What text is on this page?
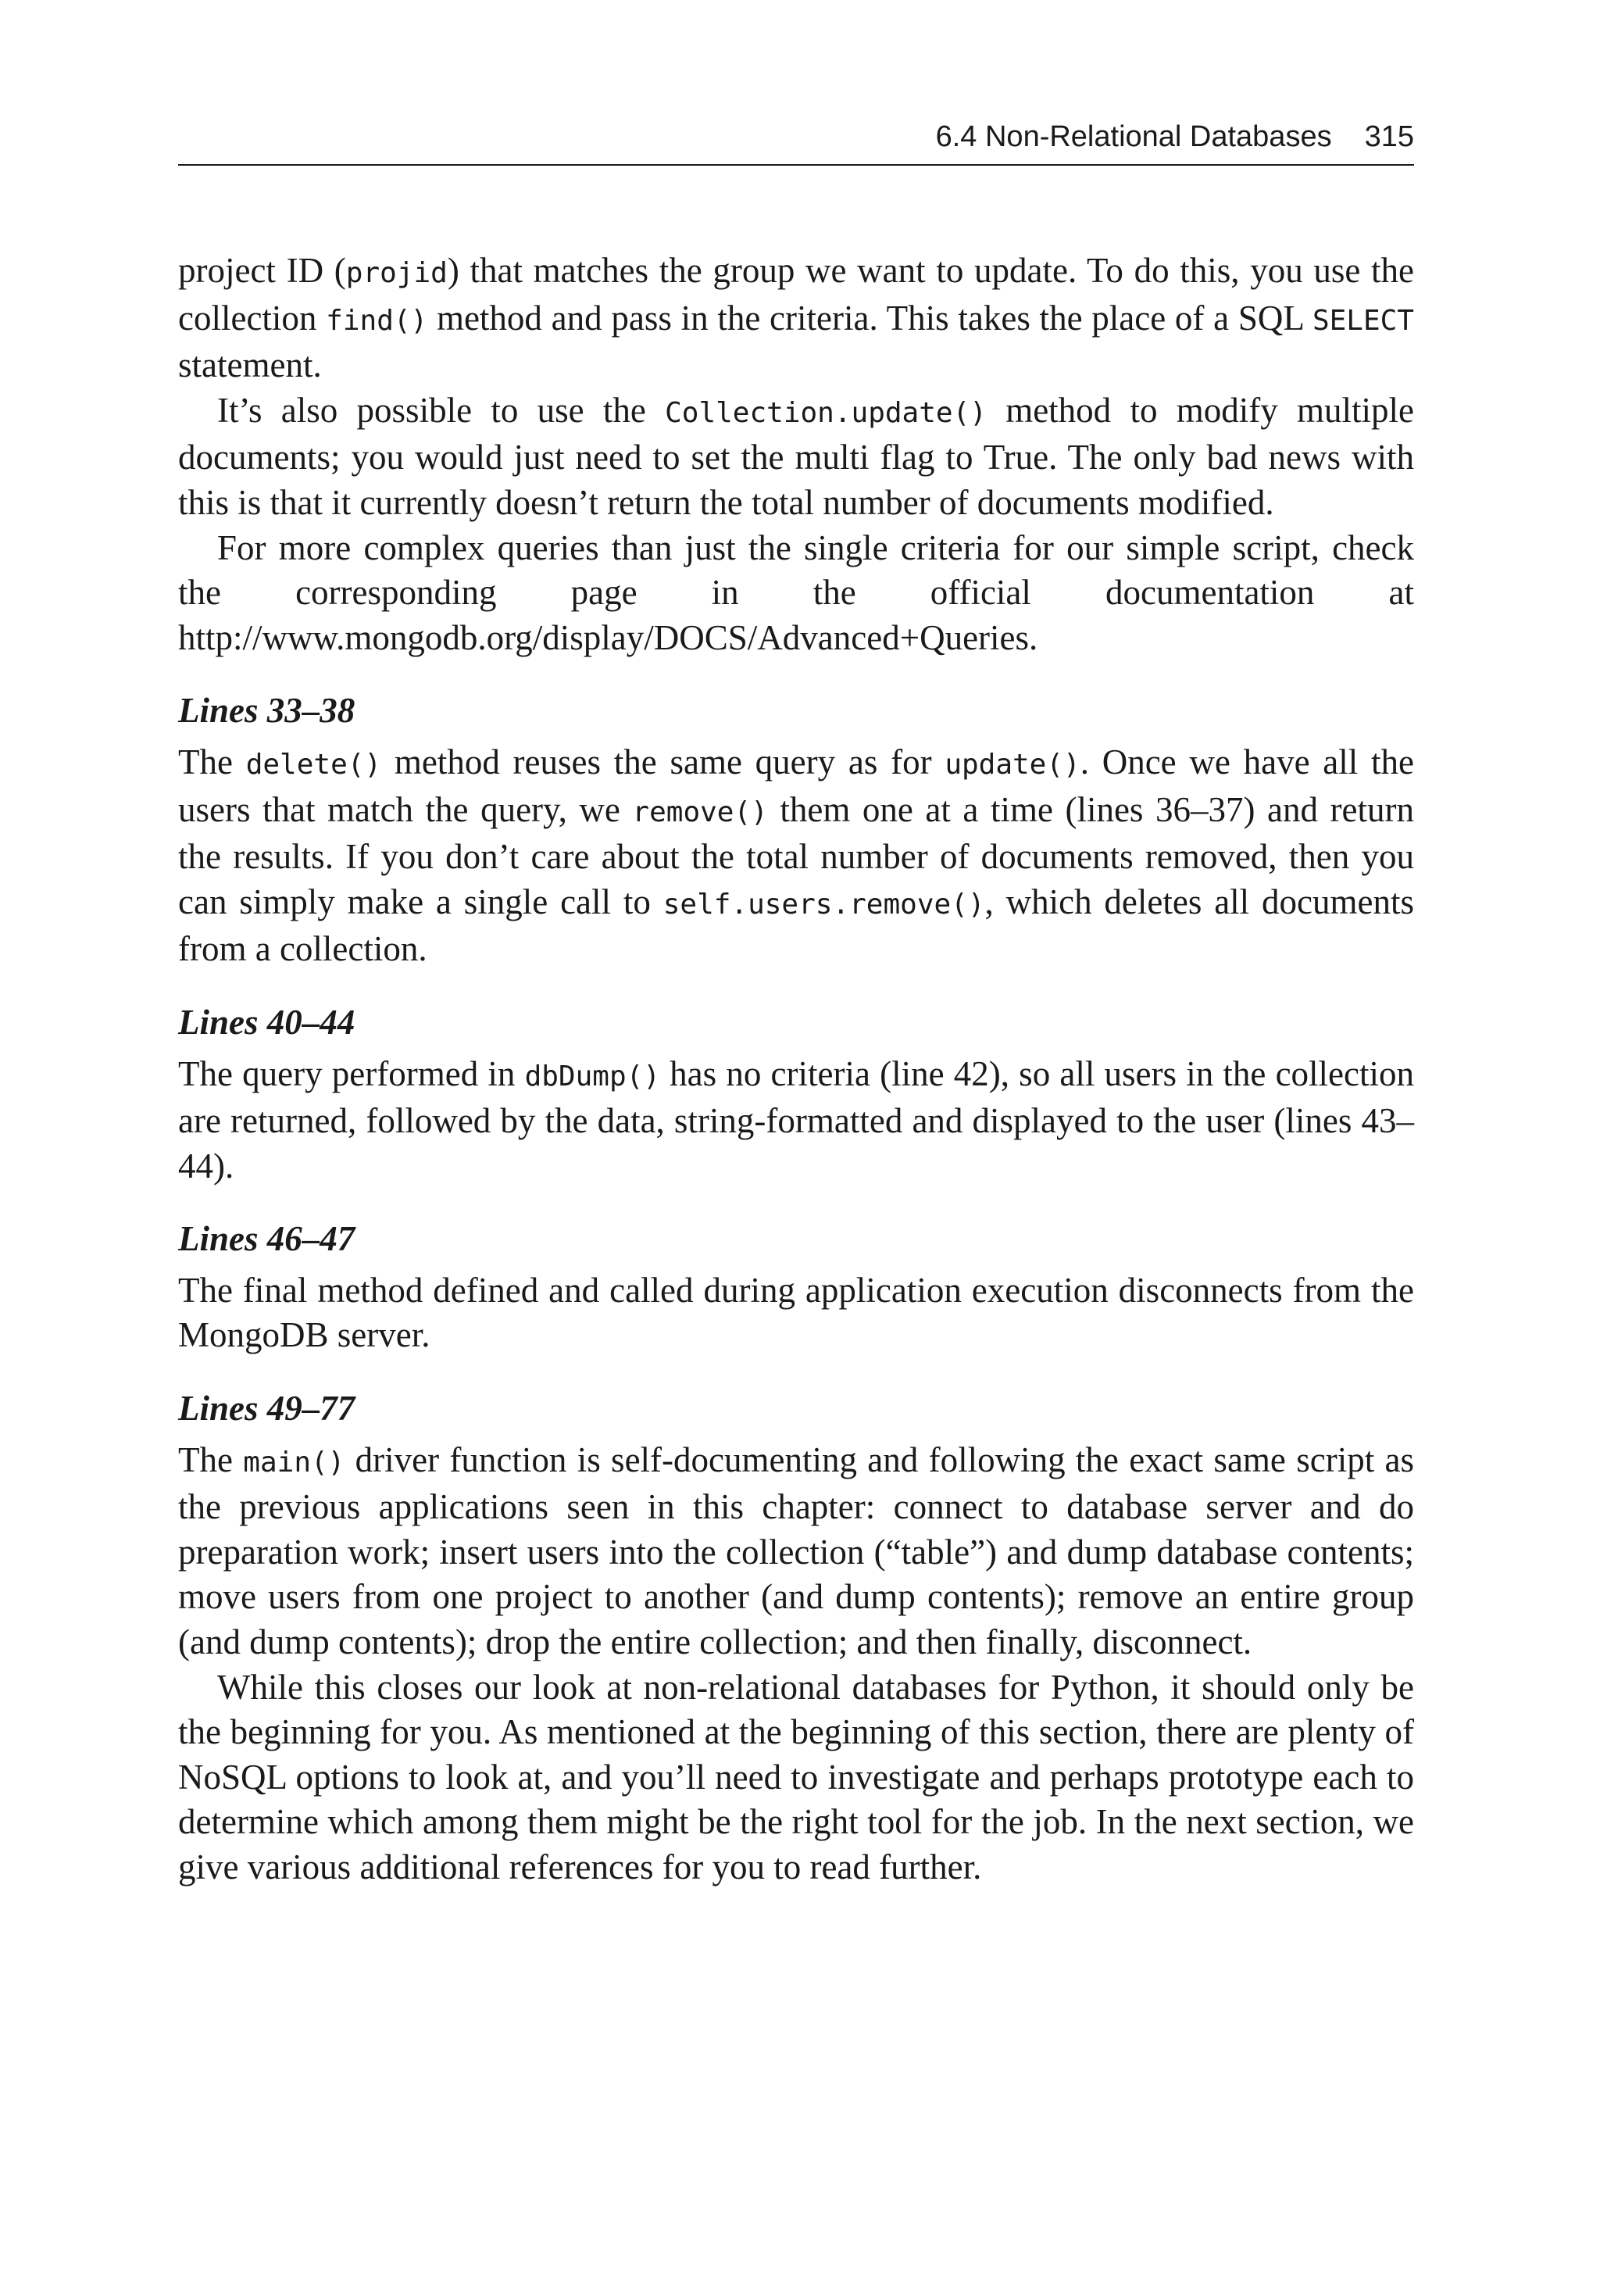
6.4 Non-Relational Databases 315

project ID (projid) that matches the group we want to update. To do this, you use the collection find() method and pass in the criteria. This takes the place of a SQL SELECT statement.

It’s also possible to use the Collection.update() method to modify multiple documents; you would just need to set the multi flag to True. The only bad news with this is that it currently doesn’t return the total number of documents modified.

For more complex queries than just the single criteria for our simple script, check the corresponding page in the official documentation at http://www.mongodb.org/display/DOCS/Advanced+Queries.

Lines 33–38

The delete() method reuses the same query as for update(). Once we have all the users that match the query, we remove() them one at a time (lines 36–37) and return the results. If you don’t care about the total number of documents removed, then you can simply make a single call to self.users.remove(), which deletes all documents from a collection.

Lines 40–44

The query performed in dbDump() has no criteria (line 42), so all users in the collection are returned, followed by the data, string-formatted and displayed to the user (lines 43–44).

Lines 46–47

The final method defined and called during application execution disconnects from the MongoDB server.

Lines 49–77

The main() driver function is self-documenting and following the exact same script as the previous applications seen in this chapter: connect to database server and do preparation work; insert users into the collection (“table”) and dump database contents; move users from one project to another (and dump contents); remove an entire group (and dump contents); drop the entire collection; and then finally, disconnect.

While this closes our look at non-relational databases for Python, it should only be the beginning for you. As mentioned at the beginning of this section, there are plenty of NoSQL options to look at, and you’ll need to investigate and perhaps prototype each to determine which among them might be the right tool for the job. In the next section, we give various additional references for you to read further.
